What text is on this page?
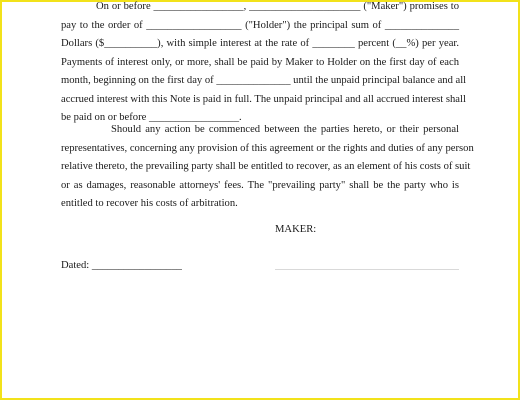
On or before _________________, _____________________ ("Maker") promises to
pay to the order of __________________ ("Holder") the principal sum of ______________
Dollars ($__________), with simple interest at the rate of ________ percent (__%) per year.
Payments of interest only, or more, shall be paid by Maker to Holder on the first day of each
month, beginning on the first day of ______________ until the unpaid principal balance and all
accrued interest with this Note is paid in full. The unpaid principal and all accrued interest shall
be paid on or before _________________.

Should any action be commenced between the parties hereto, or their personal
representatives, concerning any provision of this agreement or the rights and duties of any person
relative thereto, the prevailing party shall be entitled to recover, as an element of his costs of suit
or as damages, reasonable attorneys' fees. The "prevailing party" shall be the party who is
entitled to recover his costs of arbitration.

MAKER:
Dated: _________________
